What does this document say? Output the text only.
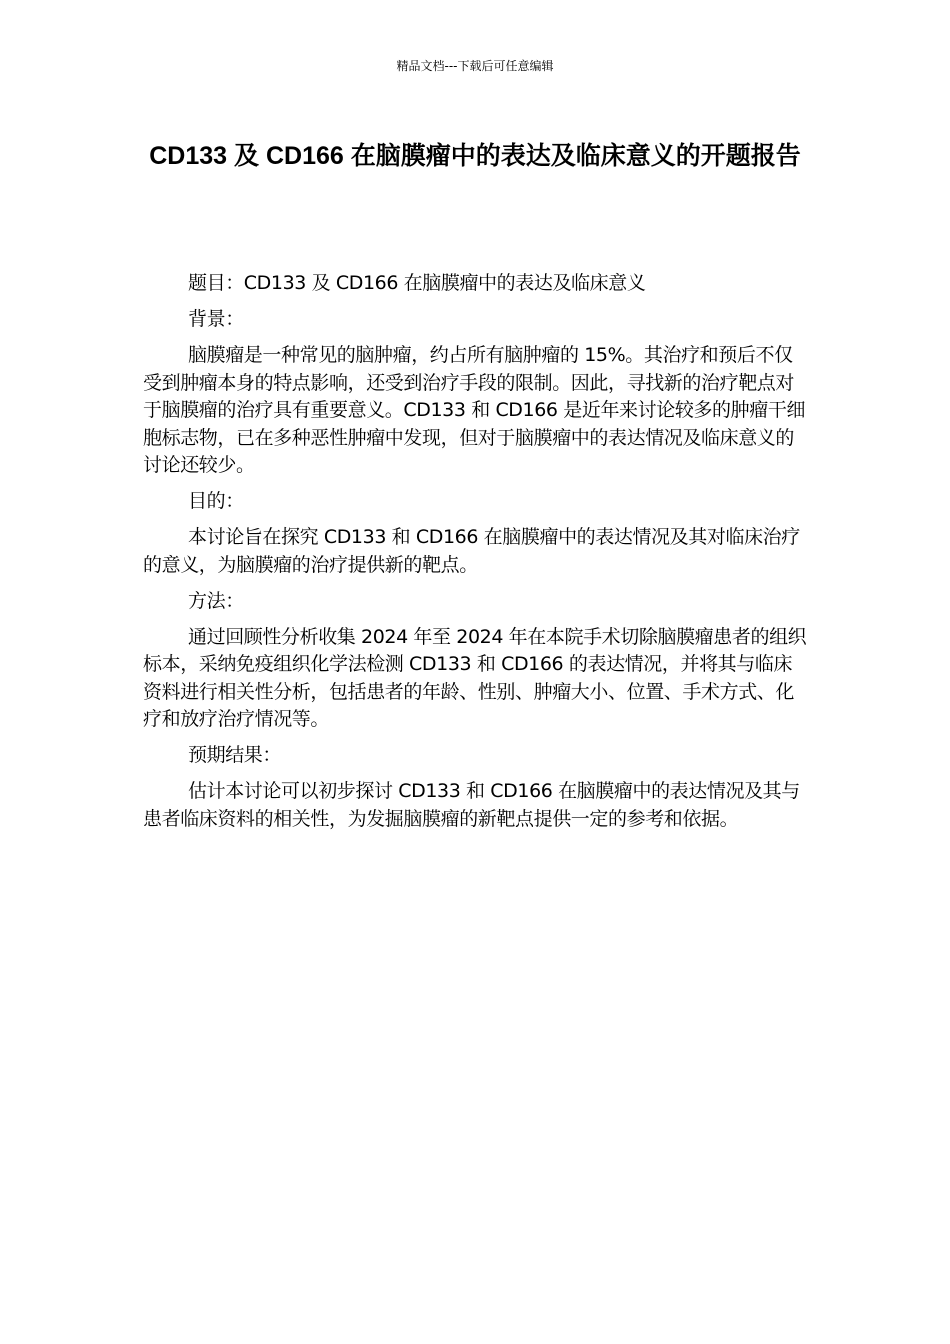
精品文档---下载后可任意编辑
CD133 及 CD166 在脑膜瘤中的表达及临床意义的开题报告

题目：CD133 及 CD166 在脑膜瘤中的表达及临床意义

背景：

脑膜瘤是一种常见的脑肿瘤，约占所有脑肿瘤的 15%。其治疗和预后不仅受到肿瘤本身的特点影响，还受到治疗手段的限制。因此，寻找新的治疗靶点对于脑膜瘤的治疗具有重要意义。CD133 和 CD166 是近年来讨论较多的肿瘤干细胞标志物，已在多种恶性肿瘤中发现，但对于脑膜瘤中的表达情况及临床意义的讨论还较少。

目的：

本讨论旨在探究 CD133 和 CD166 在脑膜瘤中的表达情况及其对临床治疗的意义，为脑膜瘤的治疗提供新的靶点。

方法：

通过回顾性分析收集 2024 年至 2024 年在本院手术切除脑膜瘤患者的组织标本，采纳免疫组织化学法检测 CD133 和 CD166 的表达情况，并将其与临床资料进行相关性分析，包括患者的年龄、性别、肿瘤大小、位置、手术方式、化疗和放疗治疗情况等。

预期结果：

估计本讨论可以初步探讨 CD133 和 CD166 在脑膜瘤中的表达情况及其与患者临床资料的相关性，为发掘脑膜瘤的新靶点提供一定的参考和依据。
